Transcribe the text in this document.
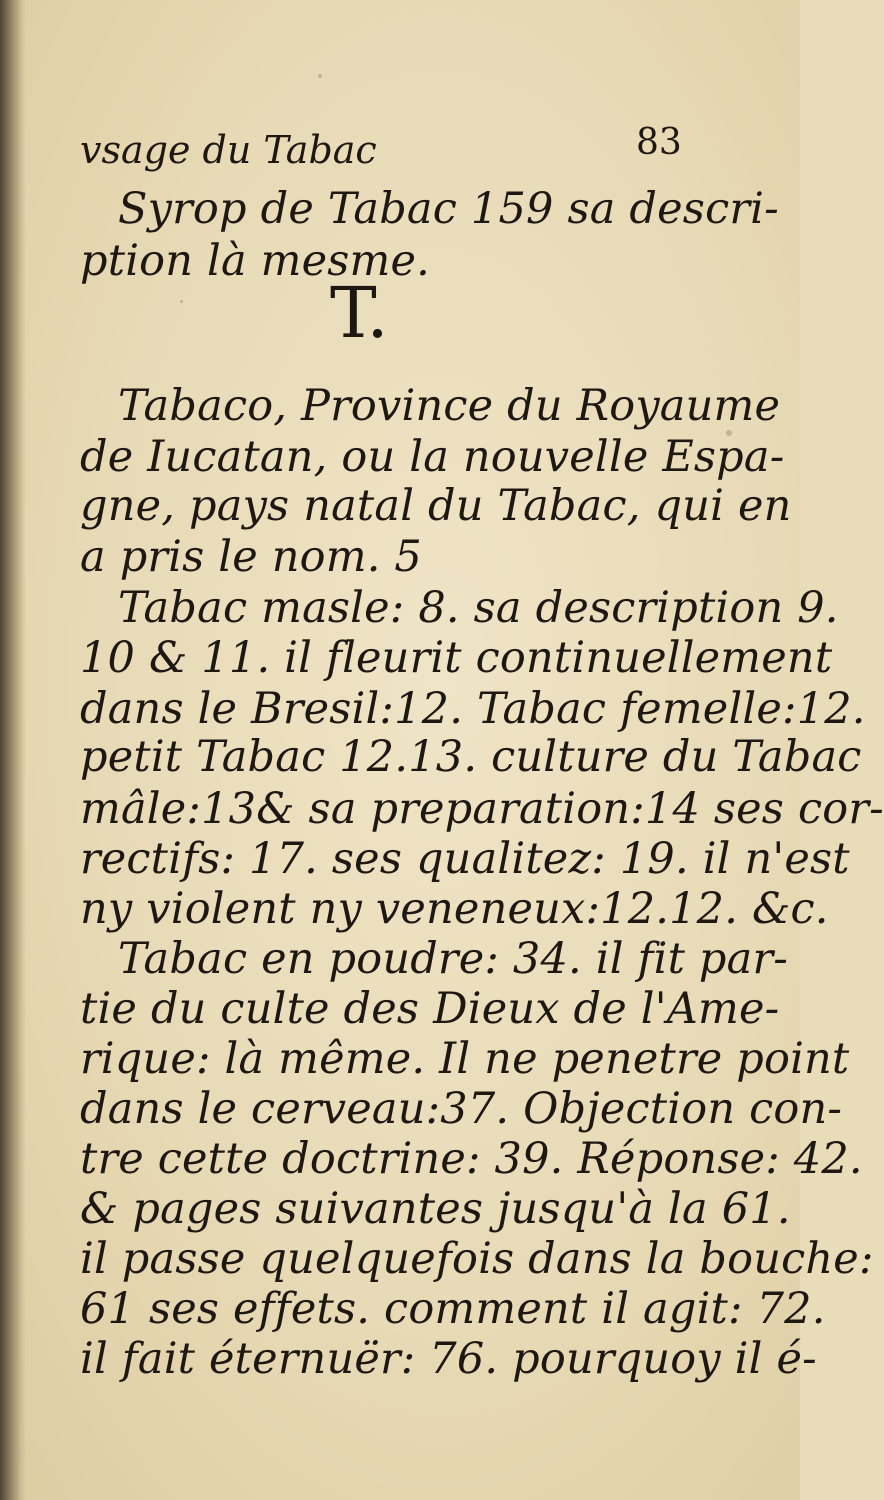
vsage du Tabac	83
Syrop de Tabac 159 sa descri-
ption là mesme.
T.
Tabaco, Province du Royaume
de Iucatan, ou la nouvelle Espa-
gne, pays natal du Tabac, qui en
a pris le nom. 5
Tabac masle: 8. sa description 9.
10 & 11. il fleurit continuellement
dans le Bresil:12. Tabac femelle:12.
petit Tabac 12.13. culture du Tabac
mâle:13& sa preparation:14 ses cor-
rectifs: 17. ses qualitez: 19. il n'est
ny violent ny veneneux:12.12. &c.
Tabac en poudre: 34. il fit par-
tie du culte des Dieux de l'Ame-
rique: là même. Il ne penetre point
dans le cerveau:37. Objection con-
tre cette doctrine: 39. Réponse: 42.
& pages suivantes jusqu'à la 61.
il passe quelquefois dans la bouche:
61 ses effets. comment il agit: 72.
il fait éternuër: 76. pourquoy il é-
